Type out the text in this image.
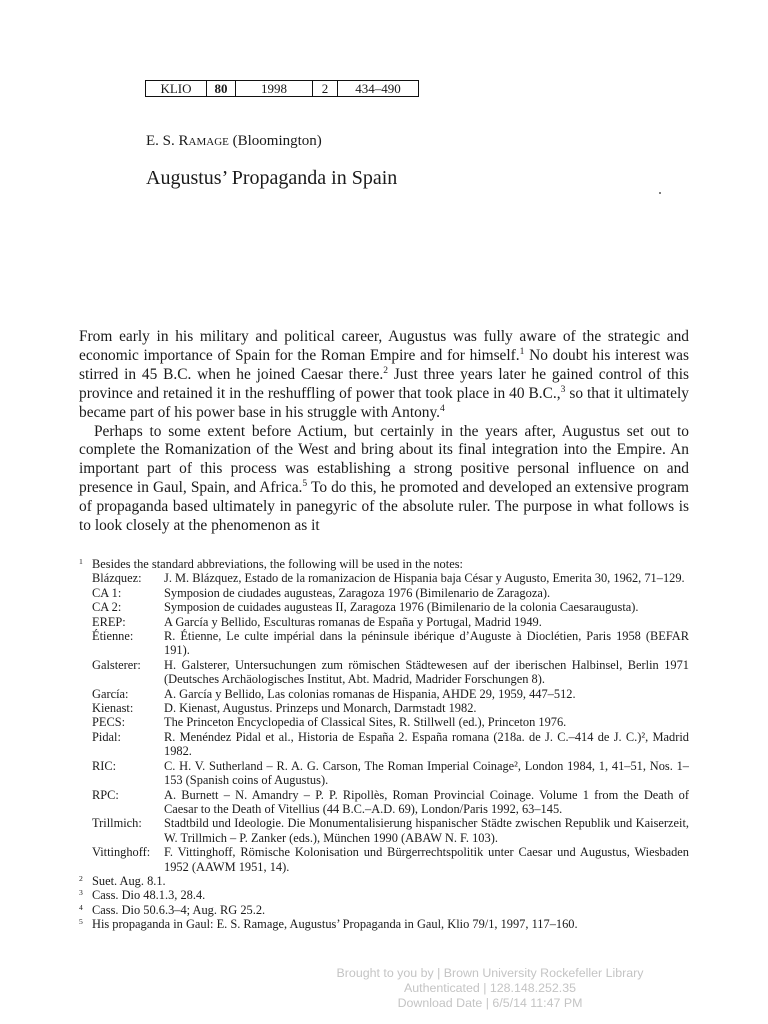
KLIO	80	1998	2	434–490
E. S. Ramage (Bloomington)
Augustus’ Propaganda in Spain

From early in his military and political career, Augustus was fully aware of the strategic and economic importance of Spain for the Roman Empire and for himself.$^1$ No doubt his interest was stirred in 45 B.C. when he joined Caesar there.$^2$ Just three years later he gained control of this province and retained it in the reshuffling of power that took place in 40 B.C.,$^3$ so that it ultimately became part of his power base in his struggle with Antony.$^4$

Perhaps to some extent before Actium, but certainly in the years after, Augustus set out to complete the Romanization of the West and bring about its final integration into the Empire. An important part of this process was establishing a strong positive personal influence on and presence in Gaul, Spain, and Africa.$^5$ To do this, he promoted and developed an extensive program of propaganda based ultimately in panegyric of the absolute ruler. The purpose in what follows is to look closely at the phenomenon as it

1 Besides the standard abbreviations, the following will be used in the notes:
Blázquez:	J. M. Blázquez, Estado de la romanizacion de Hispania baja César y Augusto, Emerita 30, 1962, 71–129.
CA 1:	Symposion de ciudades augusteas, Zaragoza 1976 (Bimilenario de Zaragoza).
CA 2:	Symposion de cuidades augusteas II, Zaragoza 1976 (Bimilenario de la colonia Caesaraugusta).
EREP:	A García y Bellido, Esculturas romanas de España y Portugal, Madrid 1949.
Étienne:	R. Étienne, Le culte impérial dans la péninsule ibérique d’Auguste à Dioclétien, Paris 1958 (BEFAR 191).
Galsterer:	H. Galsterer, Untersuchungen zum römischen Städtewesen auf der iberischen Halbinsel, Berlin 1971 (Deutsches Archäologisches Institut, Abt. Madrid, Madrider Forschungen 8).
García:	A. García y Bellido, Las colonias romanas de Hispania, AHDE 29, 1959, 447–512.
Kienast:	D. Kienast, Augustus. Prinzeps und Monarch, Darmstadt 1982.
PECS:	The Princeton Encyclopedia of Classical Sites, R. Stillwell (ed.), Princeton 1976.
Pidal:	R. Menéndez Pidal et al., Historia de España 2. España romana (218a. de J. C.–414 de J. C.)², Madrid 1982.
RIC:	C. H. V. Sutherland – R. A. G. Carson, The Roman Imperial Coinage², London 1984, 1, 41–51, Nos. 1–153 (Spanish coins of Augustus).
RPC:	A. Burnett – N. Amandry – P. P. Ripollès, Roman Provincial Coinage. Volume 1 from the Death of Caesar to the Death of Vitellius (44 B.C.–A.D. 69), London/Paris 1992, 63–145.
Trillmich:	Stadtbild und Ideologie. Die Monumentalisierung hispanischer Städte zwischen Republik und Kaiserzeit, W. Trillmich – P. Zanker (eds.), München 1990 (ABAW N. F. 103).
Vittinghoff:	F. Vittinghoff, Römische Kolonisation und Bürgerrechtspolitik unter Caesar und Augustus, Wiesbaden 1952 (AAWM 1951, 14).
2 Suet. Aug. 8.1.
3 Cass. Dio 48.1.3, 28.4.
4 Cass. Dio 50.6.3–4; Aug. RG 25.2.
5 His propaganda in Gaul: E. S. Ramage, Augustus’ Propaganda in Gaul, Klio 79/1, 1997, 117–160.
Brought to you by | Brown University Rockefeller Library
Authenticated | 128.148.252.35
Download Date | 6/5/14 11:47 PM
